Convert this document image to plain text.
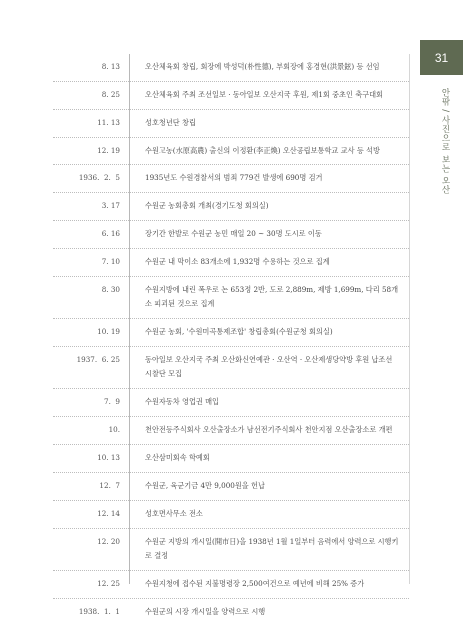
31
안팎 / 사진으로 보는 오산
8. 13	오산체육회 창립, 회장에 박성덕(朴性德), 부회장에 홍경현(洪景鉉) 등 선임
8. 25	오산체육회 주최 조선일보 · 동아일보 오산지국 후원, 제1회 중초인 축구대회
11. 13	성호청년단 창립
12. 19	수원고농(水原高農) 출신의 이정환(李正煥) 오산공립보통학교 교사 등 석방
1936.  2.  5	1935년도 수원경찰서의 범죄 779건 발생에 690명 검거
3. 17	수원군 농회총회 개최(경기도청 회의실)
6. 16	장기간 한발로 수원군 농민 매일 20 ~ 30명 도시로 이동
7. 10	수원군 내 막이소 83개소에 1,932명 수용하는 것으로 집계
8. 30	수원지방에 내린 폭우로 논 653정 2반, 도로 2,889m, 제방 1,699m, 다리 58개소 피괴된 것으로 집계
10. 19	수원군 농회, '수원미곡통제조합' 창립총회(수원군청 회의실)
1937.  6. 25	동아일보 오산지국 주최 오산화신연예관 · 오산역 · 오산제생당약방 후원 납조선 시찰단 모집
7.  9	수원자동차 영업권 매입
10.	천안전등주식회사 오산출장소가 남선전기주식회사 천안지점 오산출장소로 개편
10. 13	오산삼미회속 학예회
12.  7	수원군, 육군기금 4만 9,000원을 헌납
12. 14	성호면사무소 전소
12. 20	수원군 지방의 개시일(開市日)을 1938년 1월 1일부터 음력에서 양력으로 시행키로 결정
12. 25	수원지청에 접수된 지불명령장 2,500여건으로 예년에 비해 25% 증가
1938.  1.  1	수원군의 시장 개시일을 양력으로 시행
